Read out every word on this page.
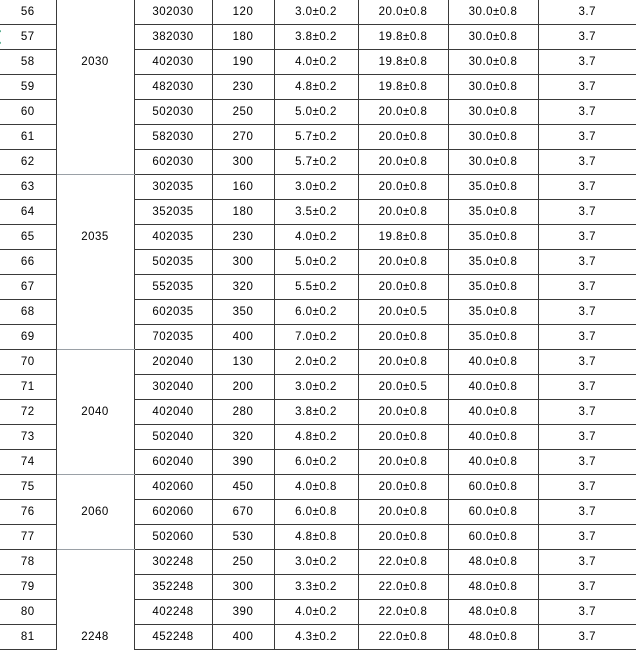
56		302030	120	3.0±0.2	20.0±0.8	30.0±0.8	3.7
57		382030	180	3.8±0.2	19.8±0.8	30.0±0.8	3.7
58	2030	402030	190	4.0±0.2	19.8±0.8	30.0±0.8	3.7
59		482030	230	4.8±0.2	19.8±0.8	30.0±0.8	3.7
60		502030	250	5.0±0.2	20.0±0.8	30.0±0.8	3.7
61		582030	270	5.7±0.2	20.0±0.8	30.0±0.8	3.7
62		602030	300	5.7±0.2	20.0±0.8	30.0±0.8	3.7
63		302035	160	3.0±0.2	20.0±0.8	35.0±0.8	3.7
64		352035	180	3.5±0.2	20.0±0.8	35.0±0.8	3.7
65	2035	402035	230	4.0±0.2	19.8±0.8	35.0±0.8	3.7
66		502035	300	5.0±0.2	20.0±0.8	35.0±0.8	3.7
67		552035	320	5.5±0.2	20.0±0.8	35.0±0.8	3.7
68		602035	350	6.0±0.2	20.0±0.5	35.0±0.8	3.7
69		702035	400	7.0±0.2	20.0±0.8	35.0±0.8	3.7
70		202040	130	2.0±0.2	20.0±0.8	40.0±0.8	3.7
71		302040	200	3.0±0.2	20.0±0.5	40.0±0.8	3.7
72	2040	402040	280	3.8±0.2	20.0±0.8	40.0±0.8	3.7
73		502040	320	4.8±0.2	20.0±0.8	40.0±0.8	3.7
74		602040	390	6.0±0.2	20.0±0.8	40.0±0.8	3.7
75		402060	450	4.0±0.8	20.0±0.8	60.0±0.8	3.7
76	2060	602060	670	6.0±0.8	20.0±0.8	60.0±0.8	3.7
77		502060	530	4.8±0.8	20.0±0.8	60.0±0.8	3.7
78		302248	250	3.0±0.2	22.0±0.8	48.0±0.8	3.7
79		352248	300	3.3±0.2	22.0±0.8	48.0±0.8	3.7
80		402248	390	4.0±0.2	22.0±0.8	48.0±0.8	3.7
81	2248	452248	400	4.3±0.2	22.0±0.8	48.0±0.8	3.7
